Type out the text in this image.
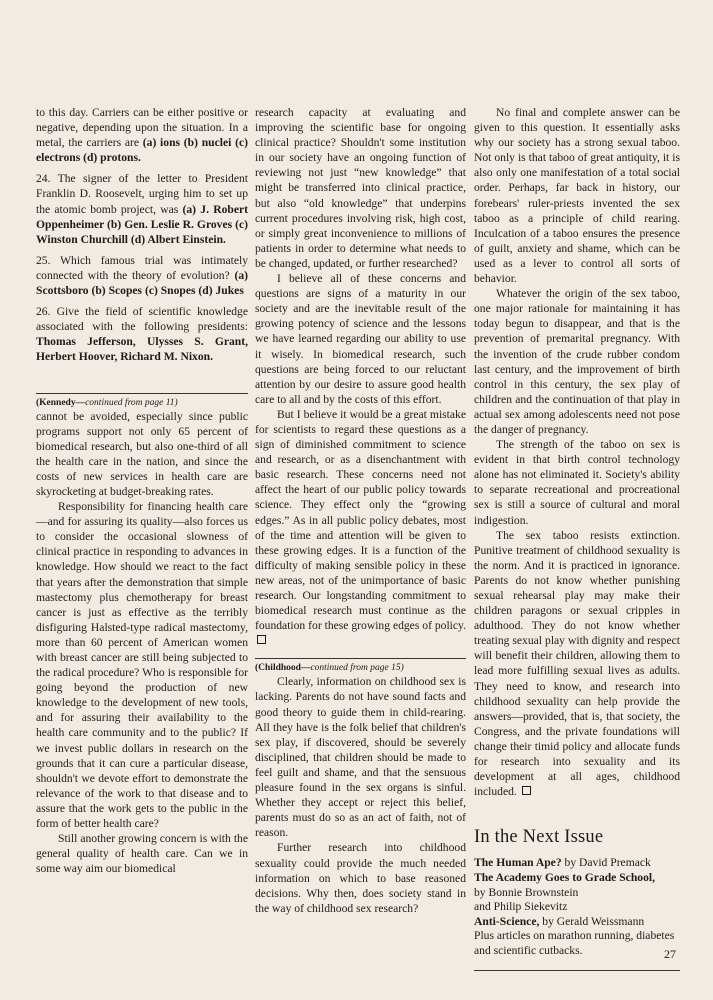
to this day. Carriers can be either positive or negative, depending upon the situation. In a metal, the carriers are (a) ions (b) nuclei (c) electrons (d) protons.

24. The signer of the letter to President Franklin D. Roosevelt, urging him to set up the atomic bomb project, was (a) J. Robert Oppenheimer (b) Gen. Leslie R. Groves (c) Winston Churchill (d) Albert Einstein.

25. Which famous trial was intimately connected with the theory of evolution? (a) Scottsboro (b) Scopes (c) Snopes (d) Jukes

26. Give the field of scientific knowledge associated with the following presidents: Thomas Jefferson, Ulysses S. Grant, Herbert Hoover, Richard M. Nixon.

(Kennedy—continued from page 11)

cannot be avoided, especially since public programs support not only 65 percent of biomedical research, but also one-third of all the health care in the nation, and since the costs of new services in health care are skyrocketing at budget-breaking rates.

Responsibility for financing health care—and for assuring its quality—also forces us to consider the occasional slowness of clinical practice in responding to advances in knowledge. How should we react to the fact that years after the demonstration that simple mastectomy plus chemotherapy for breast cancer is just as effective as the terribly disfiguring Halsted-type radical mastectomy, more than 60 percent of American women with breast cancer are still being subjected to the radical procedure? Who is responsible for going beyond the production of new knowledge to the development of new tools, and for assuring their availability to the health care community and to the public? If we invest public dollars in research on the grounds that it can cure a particular disease, shouldn't we devote effort to demonstrate the relevance of the work to that disease and to assure that the work gets to the public in the form of better health care?

Still another growing concern is with the general quality of health care. Can we in some way aim our biomedical

research capacity at evaluating and improving the scientific base for ongoing clinical practice? Shouldn't some institution in our society have an ongoing function of reviewing not just “new knowledge” that might be transferred into clinical practice, but also “old knowledge” that underpins current procedures involving risk, high cost, or simply great inconvenience to millions of patients in order to determine what needs to be changed, updated, or further researched?

I believe all of these concerns and questions are signs of a maturity in our society and are the inevitable result of the growing potency of science and the lessons we have learned regarding our ability to use it wisely. In biomedical research, such questions are being forced to our reluctant attention by our desire to assure good health care to all and by the costs of this effort.

But I believe it would be a great mistake for scientists to regard these questions as a sign of diminished commitment to science and research, or as a disenchantment with basic research. These concerns need not affect the heart of our public policy towards science. They effect only the “growing edges.” As in all public policy debates, most of the time and attention will be given to these growing edges. It is a function of the difficulty of making sensible policy in these new areas, not of the unimportance of basic research. Our longstanding commitment to biomedical research must continue as the foundation for these growing edges of policy.

(Childhood—continued from page 15)

Clearly, information on childhood sex is lacking. Parents do not have sound facts and good theory to guide them in child-rearing. All they have is the folk belief that children's sex play, if discovered, should be severely disciplined, that children should be made to feel guilt and shame, and that the sensuous pleasure found in the sex organs is sinful. Whether they accept or reject this belief, parents must do so as an act of faith, not of reason.

Further research into childhood sexuality could provide the much needed information on which to base reasoned decisions. Why then, does society stand in the way of childhood sex research?

No final and complete answer can be given to this question. It essentially asks why our society has a strong sexual taboo. Not only is that taboo of great antiquity, it is also only one manifestation of a total social order. Perhaps, far back in history, our forebears' ruler-priests invented the sex taboo as a principle of child rearing. Inculcation of a taboo ensures the presence of guilt, anxiety and shame, which can be used as a lever to control all sorts of behavior.

Whatever the origin of the sex taboo, one major rationale for maintaining it has today begun to disappear, and that is the prevention of premarital pregnancy. With the invention of the crude rubber condom last century, and the improvement of birth control in this century, the sex play of children and the continuation of that play in actual sex among adolescents need not pose the danger of pregnancy.

The strength of the taboo on sex is evident in that birth control technology alone has not eliminated it. Society's ability to separate recreational and procreational sex is still a source of cultural and moral indigestion.

The sex taboo resists extinction. Punitive treatment of childhood sexuality is the norm. And it is practiced in ignorance. Parents do not know whether punishing sexual rehearsal play may make their children paragons or sexual cripples in adulthood. They do not know whether treating sexual play with dignity and respect will benefit their children, allowing them to lead more fulfilling sexual lives as adults. They need to know, and research into childhood sexuality can help provide the answers—provided, that is, that society, the Congress, and the private foundations will change their timid policy and allocate funds for research into sexuality and its development at all ages, childhood included.

In the Next Issue

The Human Ape? by David Premack

The Academy Goes to Grade School,

by Bonnie Brownstein

and Philip Siekevitz

Anti-Science, by Gerald Weissmann

Plus articles on marathon running, diabetes and scientific cutbacks.	27
